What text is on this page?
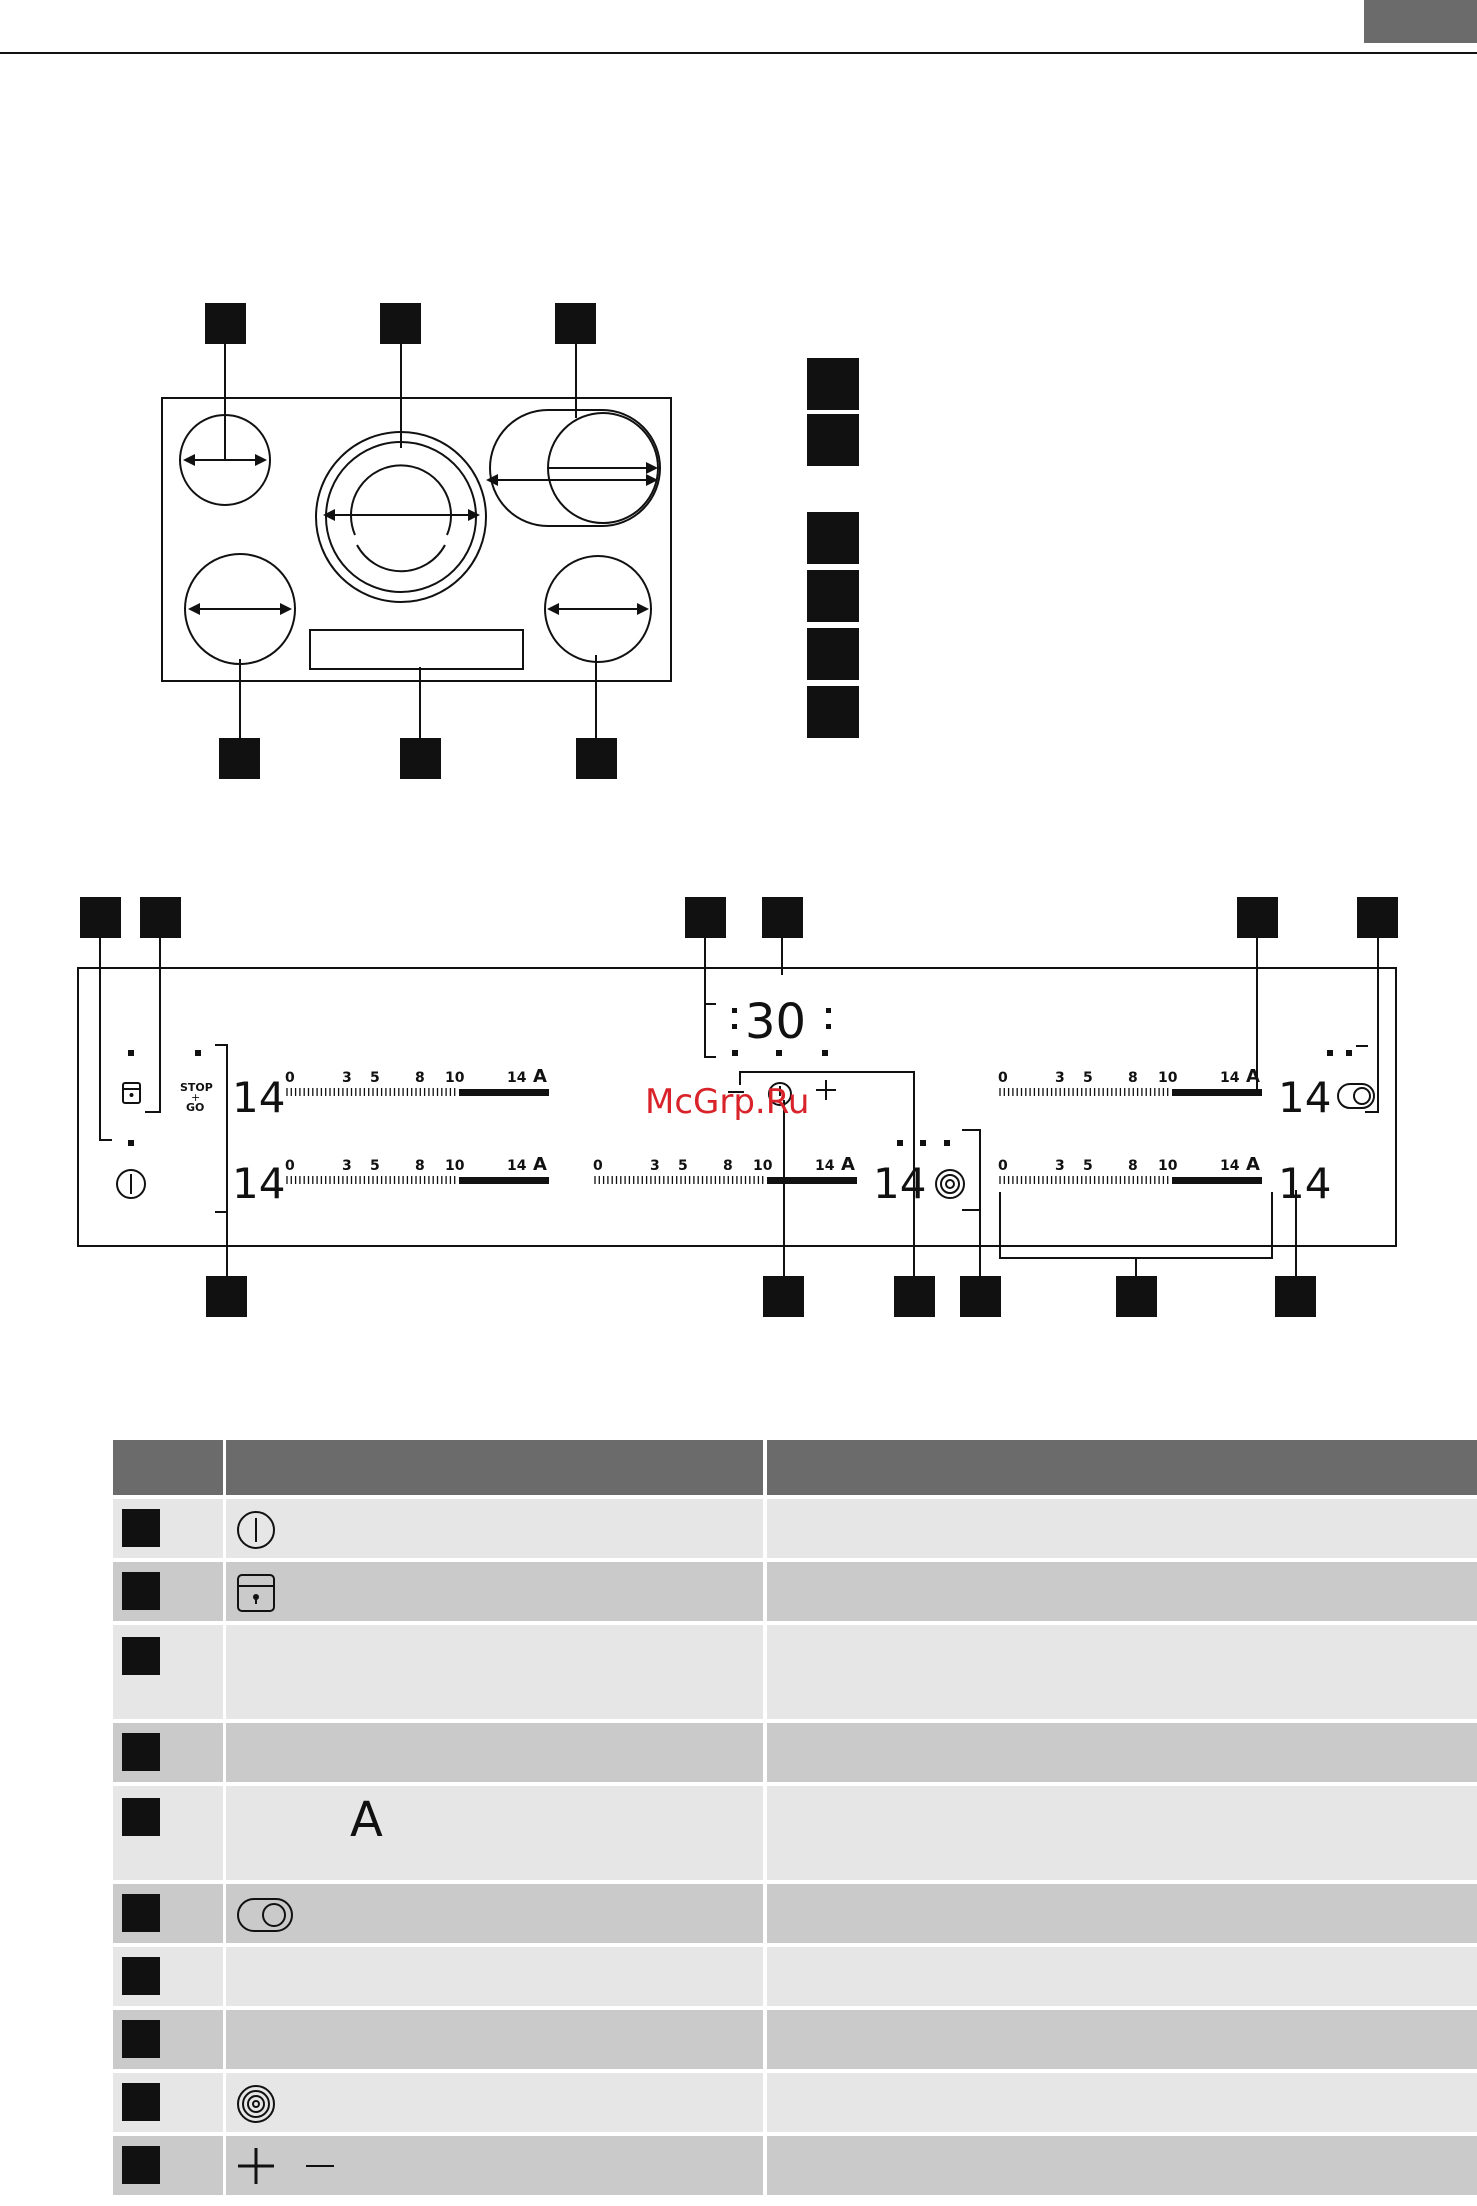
30
STOP
+
GO 14
14	14
14
14
0	3 5	8 10	14 A
0	3 5	8 10	14 A	0	3 5	8 10	14 A
0	3 5	8 10	14 A
0	3 5	8 10	14 A
McGrp.Ru
A
